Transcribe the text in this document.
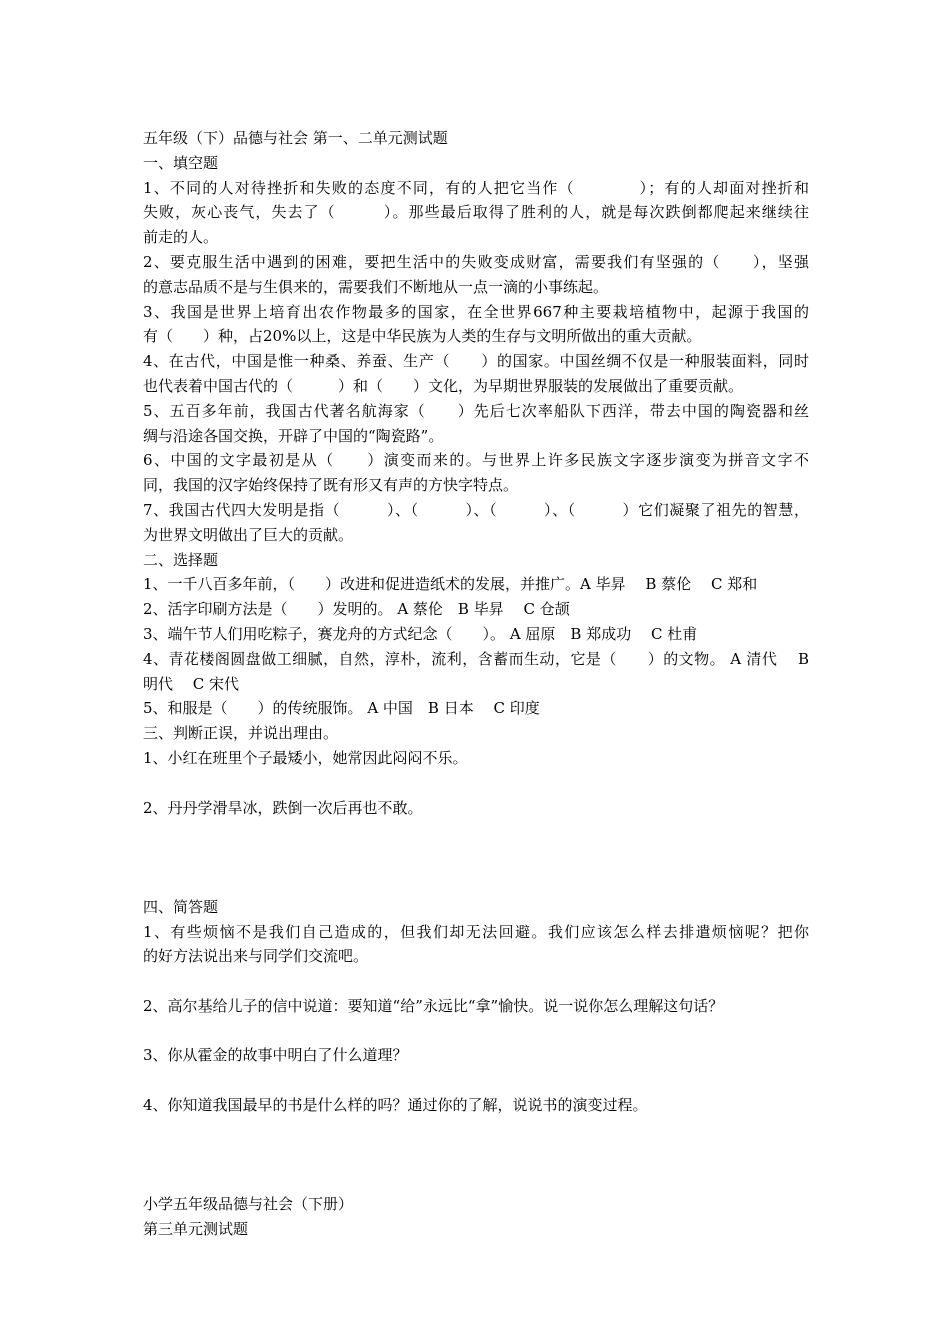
五年级（下）品德与社会 第一、二单元测试题
一、填空题
1、不同的人对待挫折和失败的态度不同，有的人把它当作（　　　　）；有的人却面对挫折和
失败，灰心丧气，失去了（　　　）。那些最后取得了胜利的人，就是每次跌倒都爬起来继续往
前走的人。
2、要克服生活中遇到的困难，要把生活中的失败变成财富，需要我们有坚强的（　　），坚强
的意志品质不是与生俱来的，需要我们不断地从一点一滴的小事练起。
3、我国是世界上培育出农作物最多的国家，在全世界667种主要栽培植物中，起源于我国的
有（　　）种，占20%以上，这是中华民族为人类的生存与文明所做出的重大贡献。
4、在古代，中国是惟一种桑、养蚕、生产（　　）的国家。中国丝绸不仅是一种服装面料，同时
也代表着中国古代的（　　　）和（　　）文化，为早期世界服装的发展做出了重要贡献。
5、五百多年前，我国古代著名航海家（　　）先后七次率船队下西洋，带去中国的陶瓷器和丝
绸与沿途各国交换，开辟了中国的“陶瓷路”。
6、中国的文字最初是从（　　）演变而来的。与世界上许多民族文字逐步演变为拼音文字不
同，我国的汉字始终保持了既有形又有声的方快字特点。
7、我国古代四大发明是指（　　　）、（　　　）、（　　　）、（　　　）它们凝聚了祖先的智慧，
为世界文明做出了巨大的贡献。
二、选择题
1、一千八百多年前，（　　）改进和促进造纸术的发展，并推广。A 毕昇　 B 蔡伦　 C 郑和
2、活字印刷方法是（　　）发明的。 A 蔡伦　B 毕昇　 C 仓颉
3、端午节人们用吃粽子，赛龙舟的方式纪念（　　）。 A 屈原　B 郑成功　 C 杜甫
4、青花楼阁圆盘做工细腻，自然，淳朴，流利，含蓄而生动，它是（　　）的文物。 A 清代　 B
明代　 C 宋代
5、和服是（　　）的传统服饰。 A 中国　B 日本　 C 印度
三、判断正误，并说出理由。
1、小红在班里个子最矮小，她常因此闷闷不乐。
2、丹丹学滑旱冰，跌倒一次后再也不敢。
四、简答题
1、有些烦恼不是我们自己造成的，但我们却无法回避。我们应该怎么样去排遣烦恼呢？把你
的好方法说出来与同学们交流吧。
2、高尔基给儿子的信中说道：要知道“给”永远比“拿”愉快。说一说你怎么理解这句话？
3、你从霍金的故事中明白了什么道理？
4、你知道我国最早的书是什么样的吗？通过你的了解，说说书的演变过程。
小学五年级品德与社会（下册）
第三单元测试题
